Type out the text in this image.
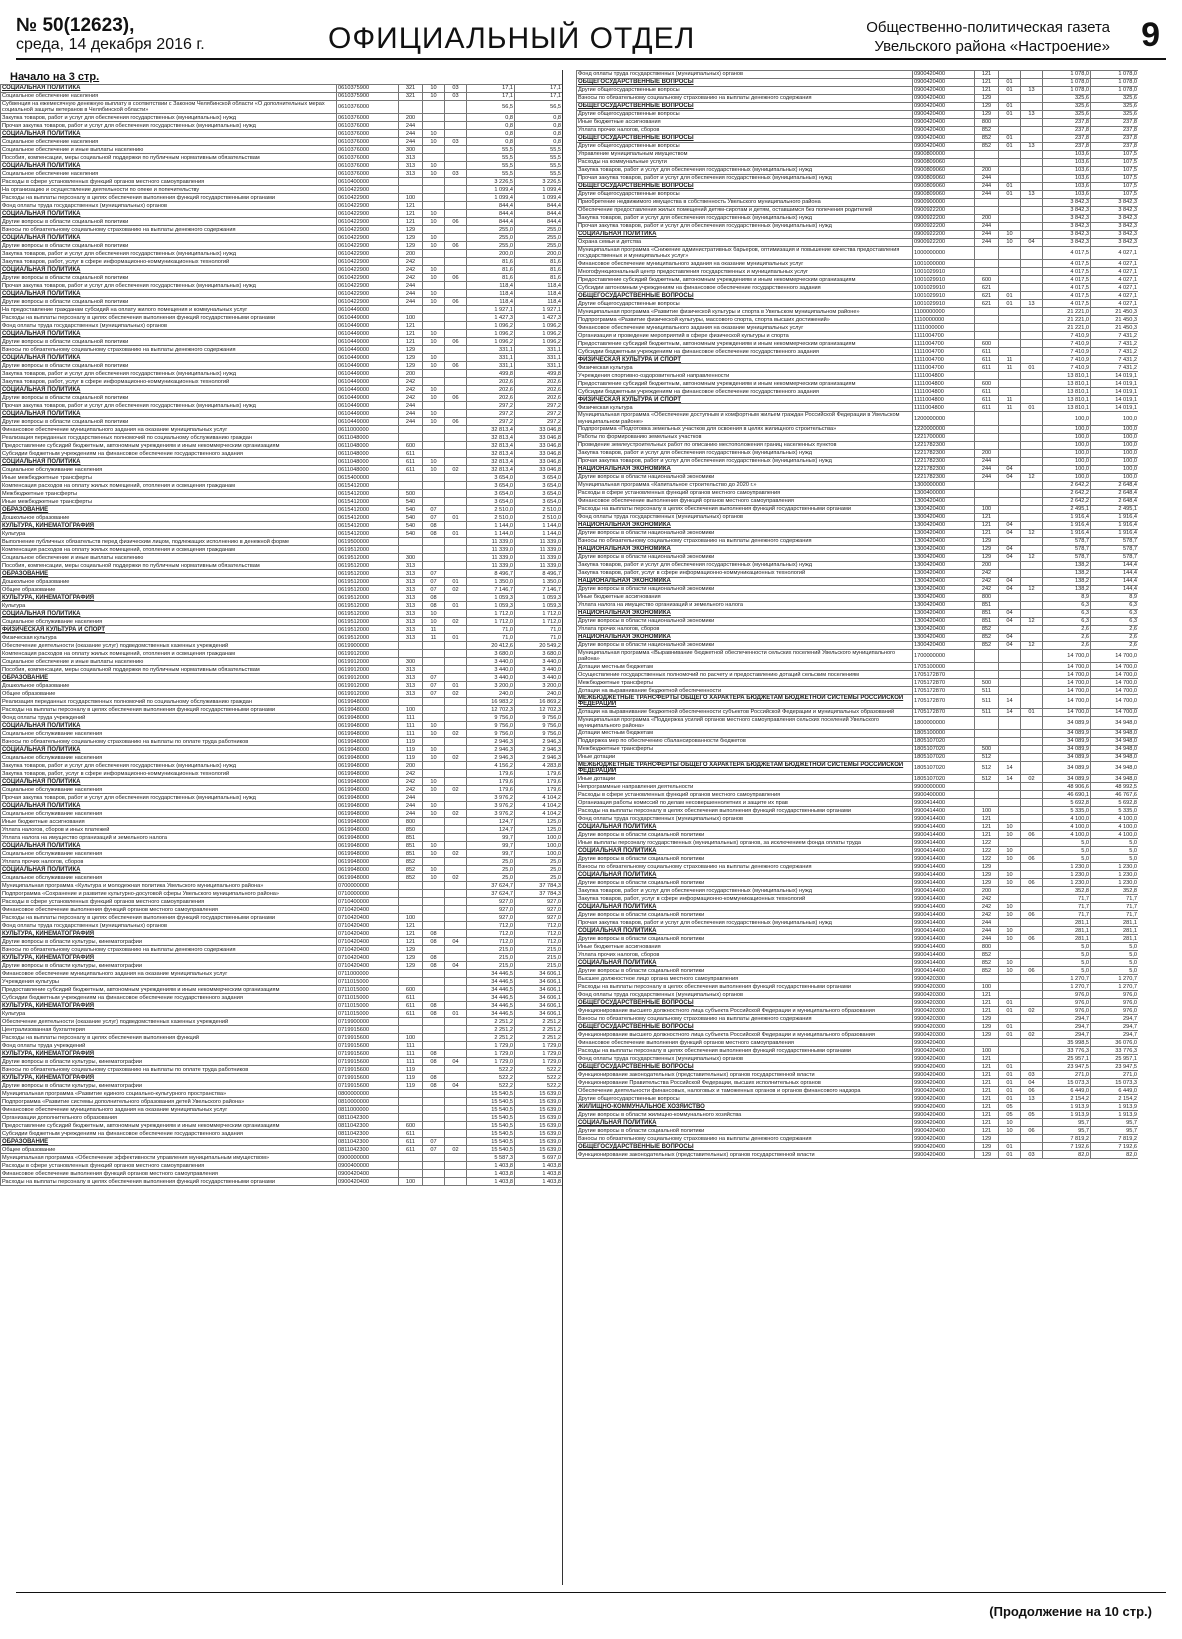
№ 50(12623),
среда, 14 декабря 2016 г.	ОФИЦИАЛЬНЫЙ ОТДЕЛ	Общественно-политическая газета
Увельского района «Настроение» 9
Начало на 3 стр.
СОЦИАЛЬНАЯ ПОЛИТИКА	0610375900	321	10	03	17,1	17,1
Социальное обеспечение населения	0610375900	321	10	03	17,1	17,1
Субвенция на ежемесячную денежную выплату в соответствии с Законом Челябинской области «О дополнительных мерах социальной защиты ветеранов в Челябинской области»	0610376000				56,5	56,5
Закупка товаров, работ и услуг для обеспечения государственных (муниципальных) нужд	0610376000	200			0,8	0,8
Прочая закупка товаров, работ и услуг для обеспечения государственных (муниципальных) нужд	0610376000	244			0,8	0,8
СОЦИАЛЬНАЯ ПОЛИТИКА	0610376000	244	10		0,8	0,8
Социальное обеспечение населения	0610376000	244	10	03	0,8	0,8
Социальное обеспечение и иные выплаты населению	0610376000	300			55,5	55,5
Пособия, компенсации, меры социальной поддержки по публичным нормативным обязательствам	0610376000	313			55,5	55,5
СОЦИАЛЬНАЯ ПОЛИТИКА	0610376000	313	10		55,5	55,5
Социальное обеспечение населения	0610376000	313	10	03	55,5	55,5
Расходы в сфере установленных функций органов местного самоуправления	0610400000				3 226,5	3 226,5
На организацию и осуществление деятельности по опеке и попечительству	0610422900				1 099,4	1 099,4
Расходы на выплаты персоналу в целях обеспечения выполнения функций государственными органами	0610422900	100			1 099,4	1 099,4
Фонд оплаты труда государственных (муниципальных) органов	0610422900	121			844,4	844,4
СОЦИАЛЬНАЯ ПОЛИТИКА	0610422900	121	10		844,4	844,4
Другие вопросы в области социальной политики	0610422900	121	10	06	844,4	844,4
Взносы по обязательному социальному страхованию на выплаты денежного содержания	0610422900	129			255,0	255,0
СОЦИАЛЬНАЯ ПОЛИТИКА	0610422900	129	10		255,0	255,0
Другие вопросы в области социальной политики	0610422900	129	10	06	255,0	255,0
Закупка товаров, работ и услуг для обеспечения государственных (муниципальных) нужд	0610422900	200			200,0	200,0
Закупка товаров, работ, услуг в сфере информационно-коммуникационных технологий	0610422900	242			81,6	81,6
СОЦИАЛЬНАЯ ПОЛИТИКА	0610422900	242	10		81,6	81,6
Другие вопросы в области социальной политики	0610422900	242	10	06	81,6	81,6
Прочая закупка товаров, работ и услуг для обеспечения государственных (муниципальных) нужд	0610422900	244			118,4	118,4
СОЦИАЛЬНАЯ ПОЛИТИКА	0610422900	244	10		118,4	118,4
Другие вопросы в области социальной политики	0610422900	244	10	06	118,4	118,4
На предоставление гражданам субсидий на оплату жилого помещения и коммунальных услуг	0610449000				1 927,1	1 927,1
Расходы на выплаты персоналу в целях обеспечения выполнения функций государственными органами	0610449000	100			1 427,3	1 427,3
Фонд оплаты труда государственных (муниципальных) органов	0610449000	121			1 096,2	1 096,2
СОЦИАЛЬНАЯ ПОЛИТИКА	0610449000	121	10		1 096,2	1 096,2
Другие вопросы в области социальной политики	0610449000	121	10	06	1 096,2	1 096,2
Взносы по обязательному социальному страхованию на выплаты денежного содержания	0610449000	129			331,1	331,1
СОЦИАЛЬНАЯ ПОЛИТИКА	0610449000	129	10		331,1	331,1
Другие вопросы в области социальной политики	0610449000	129	10	06	331,1	331,1
Закупка товаров, работ и услуг для обеспечения государственных (муниципальных) нужд	0610449000	200			499,8	499,8
Закупка товаров, работ, услуг в сфере информационно-коммуникационных технологий	0610449000	242			202,6	202,6
СОЦИАЛЬНАЯ ПОЛИТИКА	0610449000	242	10		202,6	202,6
Другие вопросы в области социальной политики	0610449000	242	10	06	202,6	202,6
Прочая закупка товаров, работ и услуг для обеспечения государственных (муниципальных) нужд	0610449000	244			297,2	297,2
СОЦИАЛЬНАЯ ПОЛИТИКА	0610449000	244	10		297,2	297,2
Другие вопросы в области социальной политики	0610449000	244	10	06	297,2	297,2
Финансовое обеспечение муниципального задания на оказание муниципальных услуг	0611000000				32 813,4	33 046,8
Реализация переданных государственных полномочий по социальному обслуживанию граждан	0611048000				32 813,4	33 046,8
Предоставление субсидий бюджетным, автономным учреждениям и иным некоммерческим организациям	0611048000	600			32 813,4	33 046,8
Субсидии бюджетным учреждениям на финансовое обеспечение государственного задания	0611048000	611			32 813,4	33 046,8
СОЦИАЛЬНАЯ ПОЛИТИКА	0611048000	611	10		32 813,4	33 046,8
Социальное обслуживание населения	0611048000	611	10	02	32 813,4	33 046,8
Иные межбюджетные трансферты	0615400000				3 654,0	3 654,0
Компенсация расходов на оплату жилых помещений, отопления и освещения гражданам	0615412000				3 654,0	3 654,0
Межбюджетные трансферты	0615412000	500			3 654,0	3 654,0
Иные межбюджетные трансферты	0615412000	540			3 654,0	3 654,0
ОБРАЗОВАНИЕ	0615412000	540	07		2 510,0	2 510,0
Дошкольное образование	0615412000	540	07	01	2 510,0	2 510,0
КУЛЬТУРА, КИНЕМАТОГРАФИЯ	0615412000	540	08		1 144,0	1 144,0
Культура	0615412000	540	08	01	1 144,0	1 144,0
Выполнение публичных обязательств перед физическим лицом, подлежащих исполнению в денежной форме	0619500000				11 339,0	11 339,0
Компенсация расходов на оплату жилых помещений, отопления и освещения гражданам	0619512000				11 339,0	11 339,0
Социальное обеспечение и иные выплаты населению	0619512000	300			11 339,0	11 339,0
Пособия, компенсации, меры социальной поддержки по публичным нормативным обязательствам	0619512000	313			11 339,0	11 339,0
ОБРАЗОВАНИЕ	0619512000	313	07		8 496,7	8 496,7
Дошкольное образование	0619512000	313	07	01	1 350,0	1 350,0
Общее образование	0619512000	313	07	02	7 146,7	7 146,7
КУЛЬТУРА, КИНЕМАТОГРАФИЯ	0619512000	313	08		1 059,3	1 059,3
Культура	0619512000	313	08	01	1 059,3	1 059,3
СОЦИАЛЬНАЯ ПОЛИТИКА	0619512000	313	10		1 712,0	1 712,0
Социальное обслуживание населения	0619512000	313	10	02	1 712,0	1 712,0
ФИЗИЧЕСКАЯ КУЛЬТУРА И СПОРТ	0619512000	313	11		71,0	71,0
Физическая культура	0619512000	313	11	01	71,0	71,0
Обеспечение деятельности (оказание услуг) подведомственных казенных учреждений	0619900000				20 412,6	20 549,2
Компенсация расходов на оплату жилых помещений, отопления и освещения гражданам	0619912000				3 680,0	3 680,0
Социальное обеспечение и иные выплаты населению	0619912000	300			3 440,0	3 440,0
Пособия, компенсации, меры социальной поддержки по публичным нормативным обязательствам	0619912000	313			3 440,0	3 440,0
ОБРАЗОВАНИЕ	0619912000	313	07		3 440,0	3 440,0
Дошкольное образование	0619912000	313	07	01	3 200,0	3 200,0
Общее образование	0619912000	313	07	02	240,0	240,0
Реализация переданных государственных полномочий по социальному обслуживанию граждан	0619948000				16 983,2	16 869,2
Расходы на выплаты персоналу в целях обеспечения выполнения функций государственными органами	0619948000	100			12 702,3	12 702,3
Фонд оплаты труда учреждений	0619948000	111			9 756,0	9 756,0
СОЦИАЛЬНАЯ ПОЛИТИКА	0619948000	111	10		9 756,0	9 756,0
Социальное обслуживание населения	0619948000	111	10	02	9 756,0	9 756,0
Взносы по обязательному социальному страхованию на выплаты по оплате труда работников	0619948000	119			2 946,3	2 946,3
СОЦИАЛЬНАЯ ПОЛИТИКА	0619948000	119	10		2 946,3	2 946,3
Социальное обслуживание населения	0619948000	119	10	02	2 946,3	2 946,3
Закупка товаров, работ и услуг для обеспечения государственных (муниципальных) нужд	0619948000	200			4 156,2	4 283,8
Закупка товаров, работ, услуг в сфере информационно-коммуникационных технологий	0619948000	242			179,6	179,6
СОЦИАЛЬНАЯ ПОЛИТИКА	0619948000	242	10		179,6	179,6
Социальное обслуживание населения	0619948000	242	10	02	179,6	179,6
Прочая закупка товаров, работ и услуг для обеспечения государственных (муниципальных) нужд	0619948000	244			3 976,2	4 104,2
СОЦИАЛЬНАЯ ПОЛИТИКА	0619948000	244	10		3 976,2	4 104,2
Социальное обслуживание населения	0619948000	244	10	02	3 976,2	4 104,2
Иные бюджетные ассигнования	0619948000	800			124,7	125,0
Уплата налогов, сборов и иных платежей	0619948000	850			124,7	125,0
Уплата налога на имущество организаций и земельного налога	0619948000	851			99,7	100,0
СОЦИАЛЬНАЯ ПОЛИТИКА	0619948000	851	10		99,7	100,0
Социальное обслуживание населения	0619948000	851	10	02	99,7	100,0
Уплата прочих налогов, сборов	0619948000	852			25,0	25,0
СОЦИАЛЬНАЯ ПОЛИТИКА	0619948000	852	10		25,0	25,0
Социальное обслуживание населения	0619948000	852	10	02	25,0	25,0
Муниципальная программа «Культура и молодежная политика Увельского муниципального района»	0700000000				37 624,7	37 784,3
Подпрограмма «Сохранение и развитие культурно-досуговой сферы Увельского муниципального района»	0710000000				37 624,7	37 784,3
Расходы в сфере установленных функций органов местного самоуправления	0710400000				927,0	927,0
Финансовое обеспечение выполнения функций органов местного самоуправления	0710420400				927,0	927,0
Расходы на выплаты персоналу в целях обеспечения выполнения функций государственными органами	0710420400	100			927,0	927,0
Фонд оплаты труда государственных (муниципальных) органов	0710420400	121			712,0	712,0
КУЛЬТУРА, КИНЕМАТОГРАФИЯ	0710420400	121	08		712,0	712,0
Другие вопросы в области культуры, кинематографии	0710420400	121	08	04	712,0	712,0
Взносы по обязательному социальному страхованию на выплаты денежного содержания	0710420400	129			215,0	215,0
КУЛЬТУРА, КИНЕМАТОГРАФИЯ	0710420400	129	08		215,0	215,0
Другие вопросы в области культуры, кинематографии	0710420400	129	08	04	215,0	215,0
Финансовое обеспечение муниципального задания на оказание муниципальных услуг	0711000000				34 446,5	34 606,1
Учреждения культуры	0711015000				34 446,5	34 606,1
Предоставление субсидий бюджетным, автономным учреждениям и иным некоммерческим организациям	0711015000	600			34 446,5	34 606,1
Субсидии бюджетным учреждениям на финансовое обеспечение государственного задания	0711015000	611			34 446,5	34 606,1
КУЛЬТУРА, КИНЕМАТОГРАФИЯ	0711015000	611	08		34 446,5	34 606,1
Культура	0711015000	611	08	01	34 446,5	34 606,1
Обеспечение деятельности (оказание услуг) подведомственных казенных учреждений	0719900000				2 251,2	2 251,2
Централизованная бухгалтерия	0719915600				2 251,2	2 251,2
Расходы на выплаты персоналу в целях обеспечения выполнения функций	0719915600	100			2 251,2	2 251,2
Фонд оплаты труда учреждений	0719915600	111			1 729,0	1 729,0
КУЛЬТУРА, КИНЕМАТОГРАФИЯ	0719915600	111	08		1 729,0	1 729,0
Другие вопросы в области культуры, кинематографии	0719915600	111	08	04	1 729,0	1 729,0
Взносы по обязательному социальному страхованию на выплаты по оплате труда работников	0719915600	119			522,2	522,2
КУЛЬТУРА, КИНЕМАТОГРАФИЯ	0719915600	119	08		522,2	522,2
Другие вопросы в области культуры, кинематографии	0719915600	119	08	04	522,2	522,2
Муниципальная программа «Развитие единого социально-культурного пространства»	0800000000				15 540,5	15 639,0
Подпрограмма «Развитие системы дополнительного образования детей Увельского района»	0810000000				15 540,5	15 639,0
Финансовое обеспечение муниципального задания на оказание муниципальных услуг	0811000000				15 540,5	15 639,0
Организации дополнительного образования	0811042300				15 540,5	15 639,0
Предоставление субсидий бюджетным, автономным учреждениям и иным некоммерческим организациям	0811042300	600			15 540,5	15 639,0
Субсидии бюджетным учреждениям на финансовое обеспечение государственного задания	0811042300	611			15 540,5	15 639,0
ОБРАЗОВАНИЕ	0811042300	611	07		15 540,5	15 639,0
Общее образование	0811042300	611	07	02	15 540,5	15 639,0
Муниципальная программа «Обеспечение эффективности управления муниципальным имуществом»	0900000000				5 587,3	5 697,0
Расходы в сфере установленных функций органов местного самоуправления	0900400000				1 403,8	1 403,8
Финансовое обеспечение выполнения функций органов местного самоуправления	0900420400				1 403,8	1 403,8
Расходы на выплаты персоналу в целях обеспечения выполнения функций государственными органами	0900420400	100			1 403,8	1 403,8
Фонд оплаты труда государственных (муниципальных) органов	0900420400	121			1 078,0	1 078,0
ОБЩЕГОСУДАРСТВЕННЫЕ ВОПРОСЫ	0900420400	121	01		1 078,0	1 078,0
Другие общегосударственные вопросы	0900420400	121	01	13	1 078,0	1 078,0
Взносы по обязательному социальному страхованию на выплаты денежного содержания	0900420400	129			325,6	325,6
ОБЩЕГОСУДАРСТВЕННЫЕ ВОПРОСЫ	0900420400	129	01		325,6	325,6
Другие общегосударственные вопросы	0900420400	129	01	13	325,6	325,6
Иные бюджетные ассигнования	0900420400	800			237,8	237,8
Уплата прочих налогов, сборов	0900420400	852			237,8	237,8
ОБЩЕГОСУДАРСТВЕННЫЕ ВОПРОСЫ	0900420400	852	01		237,8	237,8
Другие общегосударственные вопросы	0900420400	852	01	13	237,8	237,8
Управление муниципальным имуществом	0900800000				103,6	107,5
Расходы на коммунальные услуги	0900809060				103,6	107,5
Закупка товаров, работ и услуг для обеспечения государственных (муниципальных) нужд	0900809060	200			103,6	107,5
Прочая закупка товаров, работ и услуг для обеспечения государственных (муниципальных) нужд	0900809060	244			103,6	107,5
ОБЩЕГОСУДАРСТВЕННЫЕ ВОПРОСЫ	0900809060	244	01		103,6	107,5
Другие общегосударственные вопросы	0900809060	244	01	13	103,6	107,5
Приобретение недвижимого имущества в собственность Увельского муниципального района	0900900000				3 842,3	3 842,3
Обеспечение предоставления жилых помещений детям-сиротам и детям, оставшимся без попечения родителей	0900922200				3 842,3	3 842,3
Закупка товаров, работ и услуг для обеспечения государственных (муниципальных) нужд	0900922200	200			3 842,3	3 842,3
Прочая закупка товаров, работ и услуг для обеспечения государственных (муниципальных) нужд	0900922200	244			3 842,3	3 842,3
СОЦИАЛЬНАЯ ПОЛИТИКА	0900922200	244	10		3 842,3	3 842,3
Охрана семьи и детства	0900922200	244	10	04	3 842,3	3 842,3
Муниципальная программа «Снижение административных барьеров, оптимизация и повышение качества предоставления государственных и муниципальных услуг»	1000000000				4 017,5	4 027,1
Финансовое обеспечение муниципального задания на оказание муниципальных услуг	1001000000				4 017,5	4 027,1
Многофункциональный центр предоставления государственных и муниципальных услуг	1001029910				4 017,5	4 027,1
Предоставление субсидий бюджетным, автономным учреждениям и иным некоммерческим организациям	1001029910	600			4 017,5	4 027,1
Субсидии автономным учреждениям на финансовое обеспечение государственного задания	1001029910	621			4 017,5	4 027,1
ОБЩЕГОСУДАРСТВЕННЫЕ ВОПРОСЫ	1001029910	621	01		4 017,5	4 027,1
Другие общегосударственные вопросы	1001029910	621	01	13	4 017,5	4 027,1
Муниципальная программа «Развитие физической культуры и спорта в Увельском муниципальном районе»	1100000000				21 221,0	21 450,3
Подпрограмма «Развитие физической культуры, массового спорта, спорта высших достижений»	1110000000				21 221,0	21 450,3
Финансовое обеспечение муниципального задания на оказание муниципальных услуг	1111000000				21 221,0	21 450,3
Организация и проведение мероприятий в сфере физической культуры и спорта	1111004700				7 410,9	7 431,2
Предоставление субсидий бюджетным, автономным учреждениям и иным некоммерческим организациям	1111004700	600			7 410,9	7 431,2
Субсидии бюджетным учреждениям на финансовое обеспечение государственного задания	1111004700	611			7 410,9	7 431,2
ФИЗИЧЕСКАЯ КУЛЬТУРА И СПОРТ	1111004700	611	11		7 410,9	7 431,2
Физическая культура	1111004700	611	11	01	7 410,9	7 431,2
Учреждения спортивно-оздоровительной направленности	1111004800				13 810,1	14 019,1
Предоставление субсидий бюджетным, автономным учреждениям и иным некоммерческим организациям	1111004800	600			13 810,1	14 019,1
Субсидии бюджетным учреждениям на финансовое обеспечение государственного задания	1111004800	611			13 810,1	14 019,1
ФИЗИЧЕСКАЯ КУЛЬТУРА И СПОРТ	1111004800	611	11		13 810,1	14 019,1
Физическая культура	1111004800	611	11	01	13 810,1	14 019,1
Муниципальная программа «Обеспечение доступным и комфортным жильем граждан Российской Федерации в Увельском муниципальном районе»	1200000000				100,0	100,0
Подпрограмма «Подготовка земельных участков для освоения в целях жилищного строительства»	1220000000				100,0	100,0
Работы по формированию земельных участков	1221700000				100,0	100,0
Проведение землеустроительных работ по описанию местоположения границ населенных пунктов	1221782300				100,0	100,0
Закупка товаров, работ и услуг для обеспечения государственных (муниципальных) нужд	1221782300	200			100,0	100,0
Прочая закупка товаров, работ и услуг для обеспечения государственных (муниципальных) нужд	1221782300	244			100,0	100,0
НАЦИОНАЛЬНАЯ ЭКОНОМИКА	1221782300	244	04		100,0	100,0
Другие вопросы в области национальной экономики	1221782300	244	04	12	100,0	100,0
Муниципальная программа «Капитальное строительство до 2020 г.»	1300000000				2 642,2	2 648,4
Расходы в сфере установленных функций органов местного самоуправления	1300400000				2 642,2	2 648,4
Финансовое обеспечение выполнения функций органов местного самоуправления	1300420400				2 642,2	2 648,4
Расходы на выплаты персоналу в целях обеспечения выполнения функций государственными органами	1300420400	100			2 495,1	2 495,1
Фонд оплаты труда государственных (муниципальных) органов	1300420400	121			1 916,4	1 916,4
НАЦИОНАЛЬНАЯ ЭКОНОМИКА	1300420400	121	04		1 916,4	1 916,4
Другие вопросы в области национальной экономики	1300420400	121	04	12	1 916,4	1 916,4
Взносы по обязательному социальному страхованию на выплаты денежного содержания	1300420400	129			578,7	578,7
НАЦИОНАЛЬНАЯ ЭКОНОМИКА	1300420400	129	04		578,7	578,7
Другие вопросы в области национальной экономики	1300420400	129	04	12	578,7	578,7
Закупка товаров, работ и услуг для обеспечения государственных (муниципальных) нужд	1300420400	200			138,2	144,4
Закупка товаров, работ, услуг в сфере информационно-коммуникационных технологий	1300420400	242			138,2	144,4
НАЦИОНАЛЬНАЯ ЭКОНОМИКА	1300420400	242	04		138,2	144,4
Другие вопросы в области национальной экономики	1300420400	242	04	12	138,2	144,4
Иные бюджетные ассигнования	1300420400	800			8,9	8,9
Уплата налога на имущество организаций и земельного налога	1300420400	851			6,3	6,3
НАЦИОНАЛЬНАЯ ЭКОНОМИКА	1300420400	851	04		6,3	6,3
Другие вопросы в области национальной экономики	1300420400	851	04	12	6,3	6,3
Уплата прочих налогов, сборов	1300420400	852			2,6	2,6
НАЦИОНАЛЬНАЯ ЭКОНОМИКА	1300420400	852	04		2,6	2,6
Другие вопросы в области национальной экономики	1300420400	852	04	12	2,6	2,6
Муниципальная программа «Выравнивание бюджетной обеспеченности сельских поселений Увельского муниципального района»	1700000000				14 700,0	14 700,0
Дотации местным бюджетам	1705100000				14 700,0	14 700,0
Осуществление государственных полномочий по расчету и предоставлению дотаций сельским поселениям	1705172870				14 700,0	14 700,0
Межбюджетные трансферты	1705172870	500			14 700,0	14 700,0
Дотации на выравнивание бюджетной обеспеченности	1705172870	511			14 700,0	14 700,0
МЕЖБЮДЖЕТНЫЕ ТРАНСФЕРТЫ ОБЩЕГО ХАРАКТЕРА БЮДЖЕТАМ БЮДЖЕТНОЙ СИСТЕМЫ РОССИЙСКОЙ ФЕДЕРАЦИИ	1705172870	511	14		14 700,0	14 700,0
Дотации на выравнивание бюджетной обеспеченности субъектов Российской Федерации и муниципальных образований	1705172870	511	14	01	14 700,0	14 700,0
Муниципальная программа «Поддержка усилий органов местного самоуправления сельских поселений Увельского муниципального района»	1800000000				34 089,9	34 948,0
Дотации местным бюджетам	1805100000				34 089,9	34 948,0
Поддержка мер по обеспечению сбалансированности бюджетов	1805107020				34 089,9	34 948,0
Межбюджетные трансферты	1805107020	500			34 089,9	34 948,0
Иные дотации	1805107020	512			34 089,9	34 948,0
МЕЖБЮДЖЕТНЫЕ ТРАНСФЕРТЫ ОБЩЕГО ХАРАКТЕРА БЮДЖЕТАМ БЮДЖЕТНОЙ СИСТЕМЫ РОССИЙСКОЙ ФЕДЕРАЦИИ	1805107020	512	14		34 089,9	34 948,0
Иные дотации	1805107020	512	14	02	34 089,9	34 948,0
Непрограммные направления деятельности	9900000000				48 906,6	48 992,5
Расходы в сфере установленных функций органов местного самоуправления	9900400000				46 690,1	46 767,6
Организация работы комиссий по делам несовершеннолетних и защите их прав	9900414400				5 692,8	5 692,8
Расходы на выплаты персоналу в целях обеспечения выполнения функций государственными органами	9900414400	100			5 335,0	5 335,0
Фонд оплаты труда государственных (муниципальных) органов	9900414400	121			4 100,0	4 100,0
СОЦИАЛЬНАЯ ПОЛИТИКА	9900414400	121	10		4 100,0	4 100,0
Другие вопросы в области социальной политики	9900414400	121	10	06	4 100,0	4 100,0
Иные выплаты персоналу государственных (муниципальных) органов, за исключением фонда оплаты труда	9900414400	122			5,0	5,0
СОЦИАЛЬНАЯ ПОЛИТИКА	9900414400	122	10		5,0	5,0
Другие вопросы в области социальной политики	9900414400	122	10	06	5,0	5,0
Взносы по обязательному социальному страхованию на выплаты денежного содержания	9900414400	129			1 230,0	1 230,0
СОЦИАЛЬНАЯ ПОЛИТИКА	9900414400	129	10		1 230,0	1 230,0
Другие вопросы в области социальной политики	9900414400	129	10	06	1 230,0	1 230,0
Закупка товаров, работ и услуг для обеспечения государственных (муниципальных) нужд	9900414400	200			352,8	352,8
Закупка товаров, работ, услуг в сфере информационно-коммуникационных технологий	9900414400	242			71,7	71,7
СОЦИАЛЬНАЯ ПОЛИТИКА	9900414400	242	10		71,7	71,7
Другие вопросы в области социальной политики	9900414400	242	10	06	71,7	71,7
Прочая закупка товаров, работ и услуг для обеспечения государственных (муниципальных) нужд	9900414400	244			281,1	281,1
СОЦИАЛЬНАЯ ПОЛИТИКА	9900414400	244	10		281,1	281,1
Другие вопросы в области социальной политики	9900414400	244	10	06	281,1	281,1
Иные бюджетные ассигнования	9900414400	800			5,0	5,0
Уплата прочих налогов, сборов	9900414400	852			5,0	5,0
СОЦИАЛЬНАЯ ПОЛИТИКА	9900414400	852	10		5,0	5,0
Другие вопросы в области социальной политики	9900414400	852	10	06	5,0	5,0
Высшее должностное лицо органа местного самоуправления	9900420300				1 270,7	1 270,7
Расходы на выплаты персоналу в целях обеспечения выполнения функций государственными органами	9900420300	100			1 270,7	1 270,7
Фонд оплаты труда государственных (муниципальных) органов	9900420300	121			976,0	976,0
ОБЩЕГОСУДАРСТВЕННЫЕ ВОПРОСЫ	9900420300	121	01		976,0	976,0
Функционирование высшего должностного лица субъекта Российской Федерации и муниципального образования	9900420300	121	01	02	976,0	976,0
Взносы по обязательному социальному страхованию на выплаты денежного содержания	9900420300	129			294,7	294,7
ОБЩЕГОСУДАРСТВЕННЫЕ ВОПРОСЫ	9900420300	129	01		294,7	294,7
Функционирование высшего должностного лица субъекта Российской Федерации и муниципального образования	9900420300	129	01	02	294,7	294,7
Финансовое обеспечение выполнения функций органов местного самоуправления	9900420400				35 998,5	36 076,0
Расходы на выплаты персоналу в целях обеспечения выполнения функций государственными органами	9900420400	100			33 776,3	33 776,3
Фонд оплаты труда государственных (муниципальных) органов	9900420400	121			25 957,1	25 957,1
ОБЩЕГОСУДАРСТВЕННЫЕ ВОПРОСЫ	9900420400	121	01		23 947,5	23 947,5
Функционирование законодательных (представительных) органов государственной власти	9900420400	121	01	03	271,0	271,0
Функционирование Правительства Российской Федерации, высших исполнительных органов	9900420400	121	01	04	15 073,3	15 073,3
Обеспечение деятельности финансовых, налоговых и таможенных органов и органов финансового надзора	9900420400	121	01	06	6 449,0	6 449,0
Другие общегосударственные вопросы	9900420400	121	01	13	2 154,2	2 154,2
ЖИЛИЩНО-КОММУНАЛЬНОЕ ХОЗЯЙСТВО	9900420400	121	05		1 913,9	1 913,9
Другие вопросы в области жилищно-коммунального хозяйства	9900420400	121	05	05	1 913,9	1 913,9
СОЦИАЛЬНАЯ ПОЛИТИКА	9900420400	121	10		95,7	95,7
Другие вопросы в области социальной политики	9900420400	121	10	06	95,7	95,7
Взносы по обязательному социальному страхованию на выплаты денежного содержания	9900420400	129			7 819,2	7 819,2
ОБЩЕГОСУДАРСТВЕННЫЕ ВОПРОСЫ	9900420400	129	01		7 192,6	7 192,6
Функционирование законодательных (представительных) органов государственной власти	9900420400	129	01	03	82,0	82,0
(Продолжение на 10 стр.)
